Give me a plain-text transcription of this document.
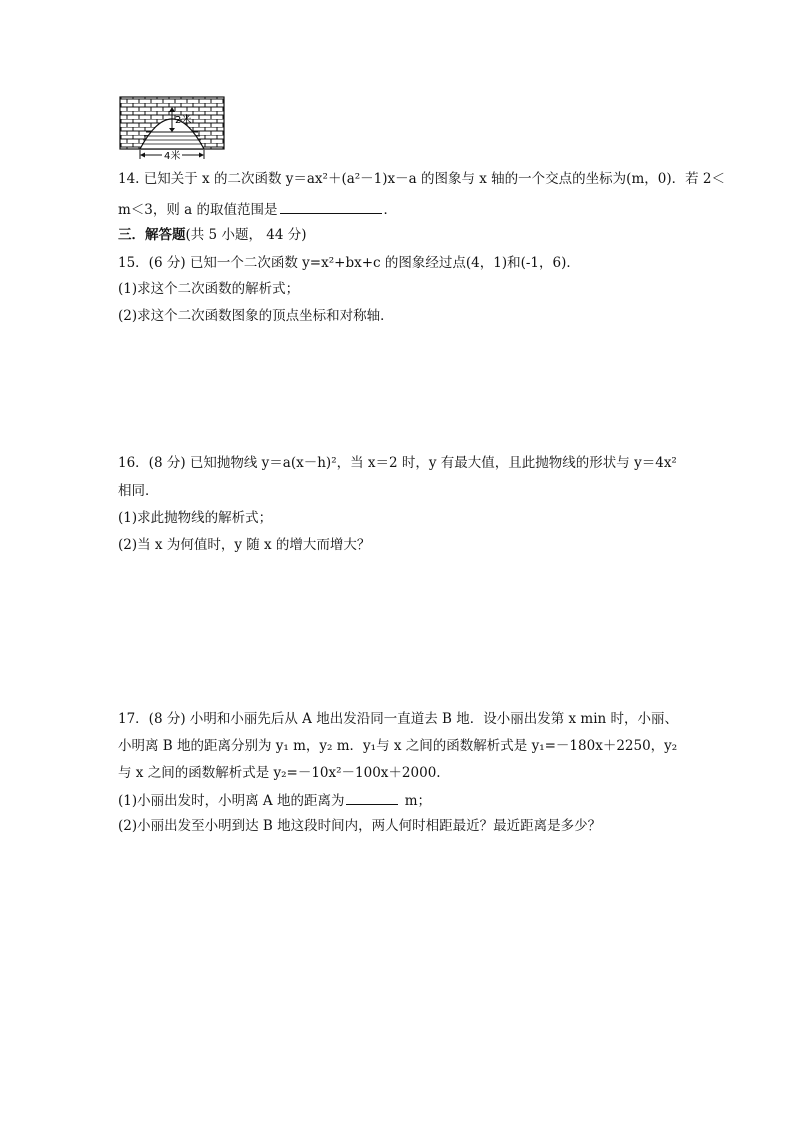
2米
4米
14. 已知关于 x 的二次函数 y＝ax²＋(a²－1)x－a 的图象与 x 轴的一个交点的坐标为(m，0)．若 2＜
m＜3，则 a 的取值范围是	．
三．解答题(共 5 小题， 44 分)
15．(6 分) 已知一个二次函数 y=x²+bx+c 的图象经过点(4，1)和(-1，6)．
(1)求这个二次函数的解析式；
(2)求这个二次函数图象的顶点坐标和对称轴．
16．(8 分) 已知抛物线 y＝a(x－h)²，当 x＝2 时，y 有最大值，且此抛物线的形状与 y＝4x²
相同．
(1)求此抛物线的解析式；
(2)当 x 为何值时，y 随 x 的增大而增大？
17．(8 分) 小明和小丽先后从 A 地出发沿同一直道去 B 地．设小丽出发第 x min 时，小丽、
小明离 B 地的距离分别为 y₁ m，y₂ m．y₁与 x 之间的函数解析式是 y₁=－180x＋2250，y₂
与 x 之间的函数解析式是 y₂=－10x²－100x＋2000.
(1)小丽出发时，小明离 A 地的距离为	m；
(2)小丽出发至小明到达 B 地这段时间内，两人何时相距最近？最近距离是多少？
